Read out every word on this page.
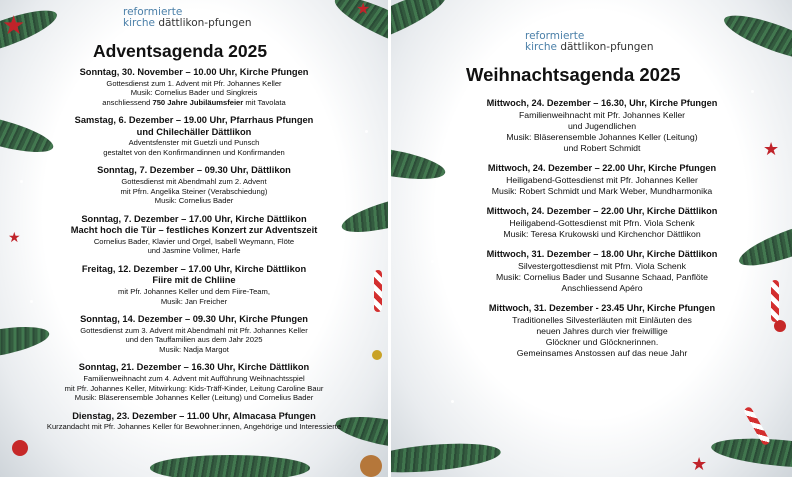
★
★
★
★
★
reformierte
kirche dättlikon-pfungen
reformierte
kirche dättlikon-pfungen
Adventsagenda 2025
Weihnachtsagenda 2025
Sonntag, 30. November – 10.00 Uhr, Kirche Pfungen
Gottesdienst zum 1. Advent mit Pfr. Johannes Keller
Musik: Cornelius Bader und Singkreis
anschliessend 750 Jahre Jubiläumsfeier mit Tavolata
Samstag, 6. Dezember – 19.00 Uhr, Pfarrhaus Pfungen
und Chilechäller Dättlikon
Adventsfenster mit Guetzli und Punsch
gestaltet von den Konfirmandinnen und Konfirmanden
Sonntag, 7. Dezember – 09.30 Uhr, Dättlikon
Gottesdienst mit Abendmahl zum 2. Advent
mit Pfrn. Angelika Steiner (Verabschiedung)
Musik: Cornelius Bader
Sonntag, 7. Dezember – 17.00 Uhr, Kirche Dättlikon
Macht hoch die Tür – festliches Konzert zur Adventszeit
Cornelius Bader, Klavier und Orgel, Isabell Weymann, Flöte
und Jasmine Vollmer, Harfe
Freitag, 12. Dezember – 17.00 Uhr, Kirche Dättlikon
Fiire mit de Chliine
mit Pfr. Johannes Keller und dem Fiire-Team,
Musik: Jan Freicher
Sonntag, 14. Dezember – 09.30 Uhr, Kirche Pfungen
Gottesdienst zum 3. Advent mit Abendmahl mit Pfr. Johannes Keller
und den Tauffamilien aus dem Jahr 2025
Musik: Nadja Margot
Sonntag, 21. Dezember – 16.30 Uhr, Kirche Dättlikon
Familienweihnacht zum 4. Advent mit Aufführung Weihnachtsspiel
mit Pfr. Johannes Keller, Mitwirkung: Kids-Träff-Kinder, Leitung Caroline Baur
Musik: Bläserensemble Johannes Keller (Leitung) und Cornelius Bader
Dienstag, 23. Dezember – 11.00 Uhr, Almacasa Pfungen
Kurzandacht mit Pfr. Johannes Keller für Bewohner:innen, Angehörige und Interessierte
Mittwoch, 24. Dezember – 16.30, Uhr, Kirche Pfungen
Familienweihnacht mit Pfr. Johannes Keller
und Jugendlichen
Musik: Bläserensemble Johannes Keller (Leitung)
und Robert Schmidt
Mittwoch, 24. Dezember – 22.00 Uhr, Kirche Pfungen
Heiligabend-Gottesdienst mit Pfr. Johannes Keller
Musik: Robert Schmidt und Mark Weber, Mundharmonika
Mittwoch, 24. Dezember – 22.00 Uhr, Kirche Dättlikon
Heiligabend-Gottesdienst mit Pfrn. Viola Schenk
Musik: Teresa Krukowski und Kirchenchor Dättlikon
Mittwoch, 31. Dezember – 18.00 Uhr, Kirche Dättlikon
Silvestergottesdienst mit Pfrn. Viola Schenk
Musik: Cornelius Bader und Susanne Schaad, Panflöte
Anschliessend Apéro
Mittwoch, 31. Dezember - 23.45 Uhr, Kirche Pfungen
Traditionelles Silvesterläuten mit Einläuten des
neuen Jahres durch vier freiwillige
Glöckner und Glöcknerinnen.
Gemeinsames Anstossen auf das neue Jahr
